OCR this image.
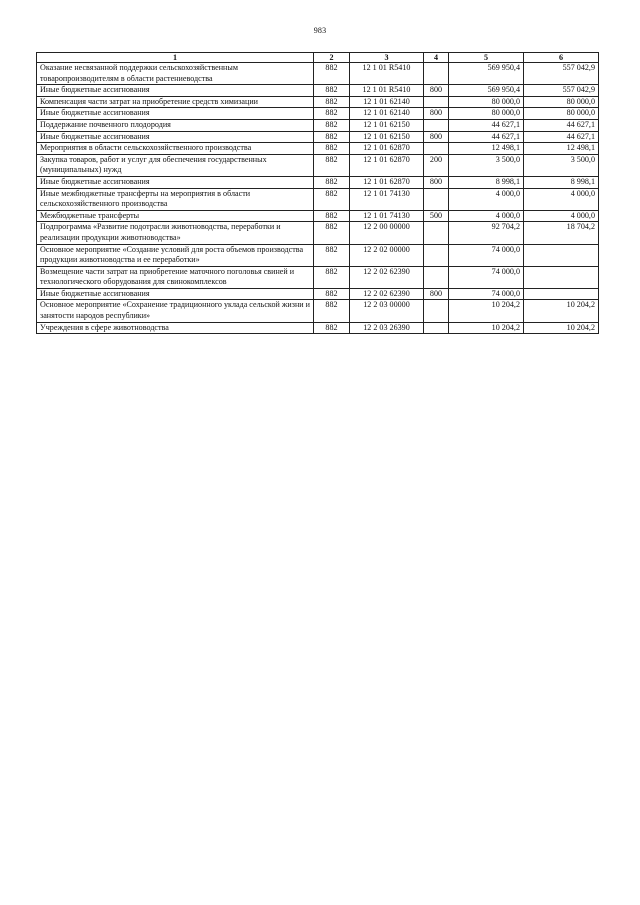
983
1	2	3	4	5	6
Оказание несвязанной поддержки сельскохозяйственным товаропроизводителям в области растениеводства	882	12 1 01 R5410		569 950,4	557 042,9
Иные бюджетные ассигнования	882	12 1 01 R5410	800	569 950,4	557 042,9
Компенсация части затрат на приобретение средств химизации	882	12 1 01 62140		80 000,0	80 000,0
Иные бюджетные ассигнования	882	12 1 01 62140	800	80 000,0	80 000,0
Поддержание почвенного плодородия	882	12 1 01 62150		44 627,1	44 627,1
Иные бюджетные ассигнования	882	12 1 01 62150	800	44 627,1	44 627,1
Мероприятия в области сельскохозяйственного производства	882	12 1 01 62870		12 498,1	12 498,1
Закупка товаров, работ и услуг для обеспечения государственных (муниципальных) нужд	882	12 1 01 62870	200	3 500,0	3 500,0
Иные бюджетные ассигнования	882	12 1 01 62870	800	8 998,1	8 998,1
Иные межбюджетные трансферты на мероприятия в области сельскохозяйственного производства	882	12 1 01 74130		4 000,0	4 000,0
Межбюджетные трансферты	882	12 1 01 74130	500	4 000,0	4 000,0
Подпрограмма «Развитие подотрасли животноводства, переработки и реализации продукции животноводства»	882	12 2 00 00000		92 704,2	18 704,2
Основное мероприятие «Создание условий для роста объемов производства продукции животноводства и ее переработки»	882	12 2 02 00000		74 000,0	
Возмещение части затрат на приобретение маточного поголовья свиней и технологического оборудования для свинокомплексов	882	12 2 02 62390		74 000,0	
Иные бюджетные ассигнования	882	12 2 02 62390	800	74 000,0	
Основное мероприятие «Сохранение традиционного уклада сельской жизни и занятости народов республики»	882	12 2 03 00000		10 204,2	10 204,2
Учреждения в сфере животноводства	882	12 2 03 26390		10 204,2	10 204,2
